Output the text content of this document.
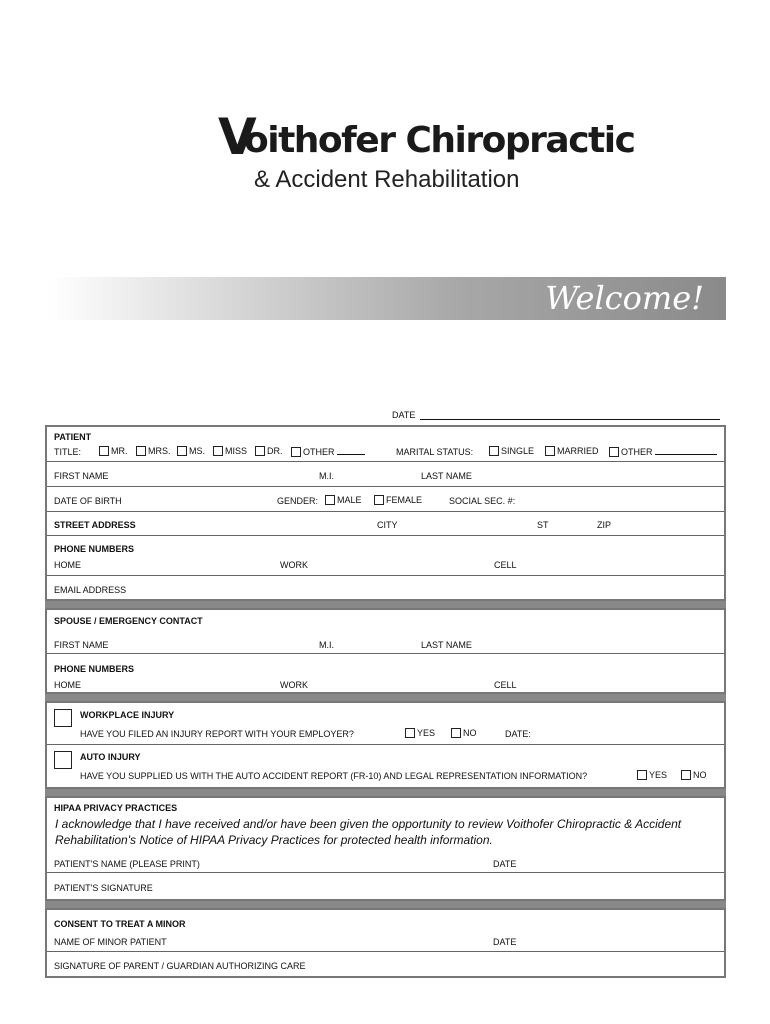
V
oithofer Chiropractic
& Accident Rehabilitation
Welcome!
DATE
PATIENT
TITLE:	MR.	MRS.	MS.	MISS	DR.	OTHER	MARITAL STATUS:	SINGLE	MARRIED	OTHER
FIRST NAME	M.I.	LAST NAME
DATE OF BIRTH	GENDER:	MALE	FEMALE	SOCIAL SEC. #:
STREET ADDRESS	CITY	ST	ZIP
PHONE NUMBERS
HOME	WORK	CELL
EMAIL ADDRESS
SPOUSE / EMERGENCY CONTACT
FIRST NAME	M.I.	LAST NAME
PHONE NUMBERS
HOME	WORK	CELL
WORKPLACE INJURY
HAVE YOU FILED AN INJURY REPORT WITH YOUR EMPLOYER?	YES	NO	DATE:
AUTO INJURY
HAVE YOU SUPPLIED US WITH THE AUTO ACCIDENT REPORT (FR-10) AND LEGAL REPRESENTATION INFORMATION?	YES	NO
HIPAA PRIVACY PRACTICES
I acknowledge that I have received and/or have been given the opportunity to review Voithofer Chiropractic & Accident Rehabilitation's Notice of HIPAA Privacy Practices for protected health information.
PATIENT'S NAME (PLEASE PRINT)	DATE
PATIENT'S SIGNATURE
CONSENT TO TREAT A MINOR
NAME OF MINOR PATIENT	DATE
SIGNATURE OF PARENT / GUARDIAN AUTHORIZING CARE
